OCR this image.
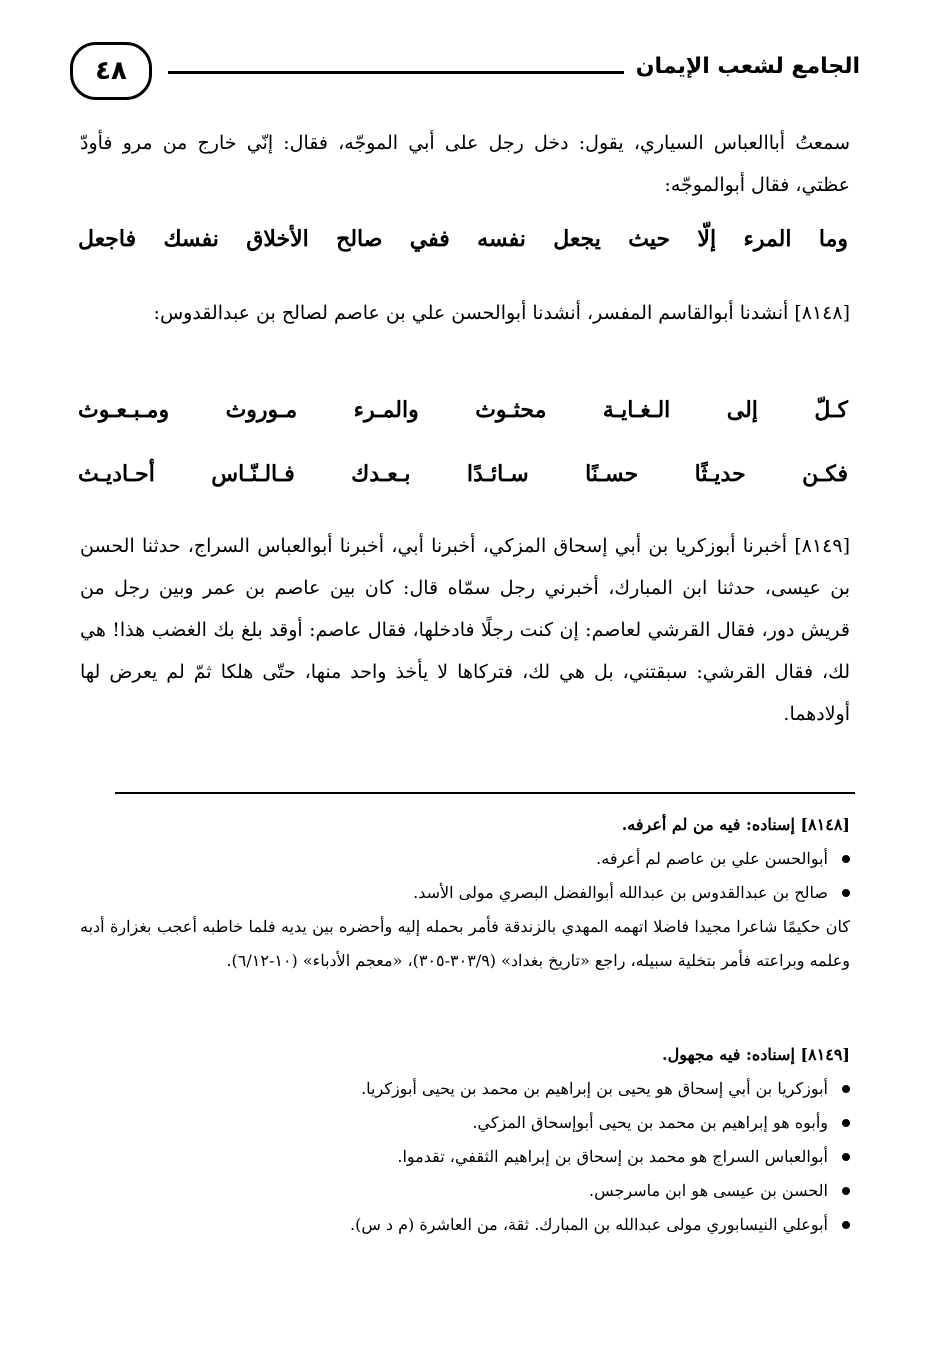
الجامع لشعب الإيمان
٤٨
سمعتُ أباالعباس السياري، يقول: دخل رجل على أبي الموجّه، فقال: إنّي خارج من مرو فأودّ عظتي، فقال أبوالموجّه:
وما المرء إلّا حيث يجعل نفسه ففي صالح الأخلاق نفسك فاجعل
[٨١٤٨] أنشدنا أبوالقاسم المفسر، أنشدنا أبوالحسن علي بن عاصم لصالح بن عبدالقدوس:
كـلّ إلى الـغـايـة محثـوث والمـرء مـوروث ومـبـعـوث
فكـن حديـثًا حسـنًا سـائـدًا بـعـدك فـالـنّـاس أحـاديـث
[٨١٤٩] أخبرنا أبوزكريا بن أبي إسحاق المزكي، أخبرنا أبي، أخبرنا أبوالعباس السراج، حدثنا الحسن بن عيسى، حدثنا ابن المبارك، أخبرني رجل سمّاه قال: كان بين عاصم بن عمر وبين رجل من قريش دور، فقال القرشي لعاصم: إن كنت رجلًا فادخلها، فقال عاصم: أوقد بلغ بك الغضب هذا! هي لك، فقال القرشي: سبقتني، بل هي لك، فتركاها لا يأخذ واحد منها، حتّى هلكا ثمّ لم يعرض لها أولادهما.
[٨١٤٨] إسناده: فيه من لم أعرفه.
أبوالحسن علي بن عاصم لم أعرفه.
صالح بن عبدالقدوس بن عبدالله أبوالفضل البصري مولى الأسد.
كان حكيمًا شاعرا مجيدا فاضلا اتهمه المهدي بالزندقة فأمر بحمله إليه وأحضره بين يديه فلما خاطبه أعجب بغزارة أدبه وعلمه وبراعته فأمر بتخلية سبيله، راجع «تاريخ بغداد» (٣٠٣/٩-٣٠٥)، «معجم الأدباء» (١٠-٦/١٢).
[٨١٤٩] إسناده: فيه مجهول.
أبوزكريا بن أبي إسحاق هو يحيى بن إبراهيم بن محمد بن يحيى أبوزكريا.
وأبوه هو إبراهيم بن محمد بن يحيى أبوإسحاق المزكي.
أبوالعباس السراج هو محمد بن إسحاق بن إبراهيم الثقفي، تقدموا.
الحسن بن عيسى هو ابن ماسرجس.
أبوعلي النيسابوري مولى عبدالله بن المبارك. ثقة، من العاشرة (م د س).
